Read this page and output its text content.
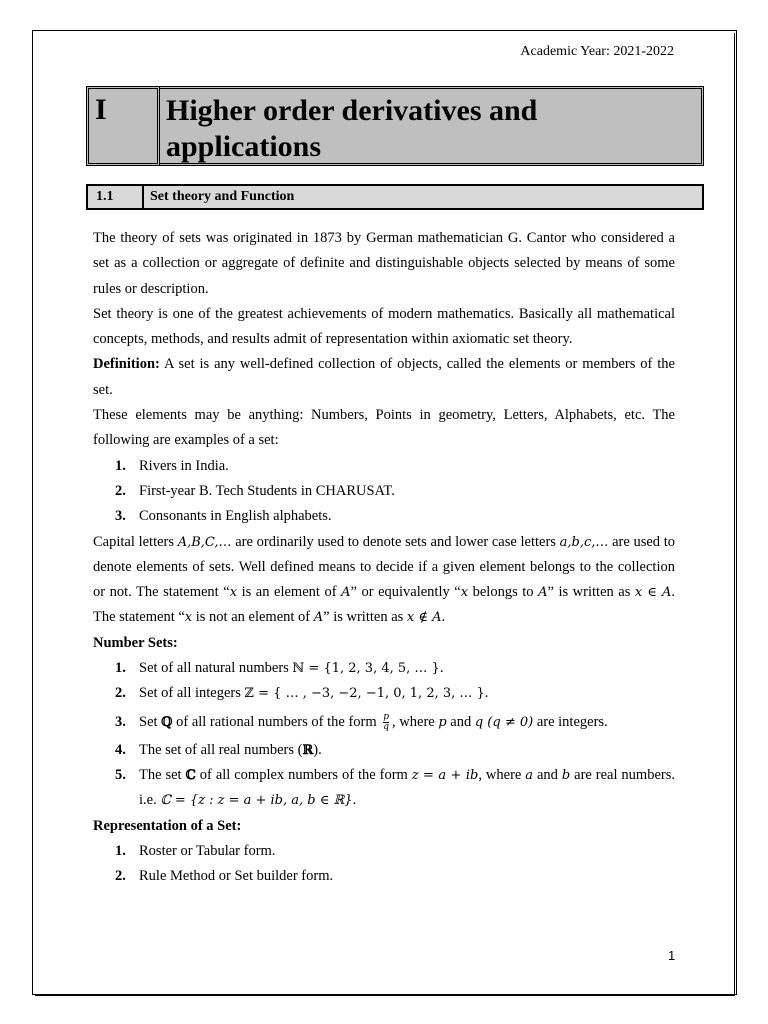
Academic Year: 2021-2022
I	Higher order derivatives and
applications
1.1	Set theory and Function

The theory of sets was originated in 1873 by German mathematician G. Cantor who considered a set as a collection or aggregate of definite and distinguishable objects selected by means of some rules or description.

Set theory is one of the greatest achievements of modern mathematics. Basically all mathematical concepts, methods, and results admit of representation within axiomatic set theory.

Definition: A set is any well-defined collection of objects, called the elements or members of the set.

These elements may be anything: Numbers, Points in geometry, Letters, Alphabets, etc. The following are examples of a set:

1. Rivers in India.
2. First-year B. Tech Students in CHARUSAT.
3. Consonants in English alphabets.

Capital letters A,B,C,… are ordinarily used to denote sets and lower case letters a,b,c,… are used to denote elements of sets. Well defined means to decide if a given element belongs to the collection or not. The statement “x is an element of A” or equivalently “x belongs to A” is written as x ∈ A. The statement “x is not an element of A” is written as x ∉ A.

Number Sets:

1. Set of all natural numbers ℕ = {1, 2, 3, 4, 5, … }.
2. Set of all integers ℤ = { … , −3, −2, −1, 0, 1, 2, 3, … }.
3. Set ℚ of all rational numbers of the form $\frac{p}{q}$ , where p and q (q ≠ 0) are integers.
4. The set of all real numbers (ℝ).
5. The set ℂ of all complex numbers of the form z = a + ib, where a and b are real numbers. i.e. ℂ = {z : z = a + ib, a, b ∈ ℝ}.

Representation of a Set:

1. Roster or Tabular form.
2. Rule Method or Set builder form.
1
